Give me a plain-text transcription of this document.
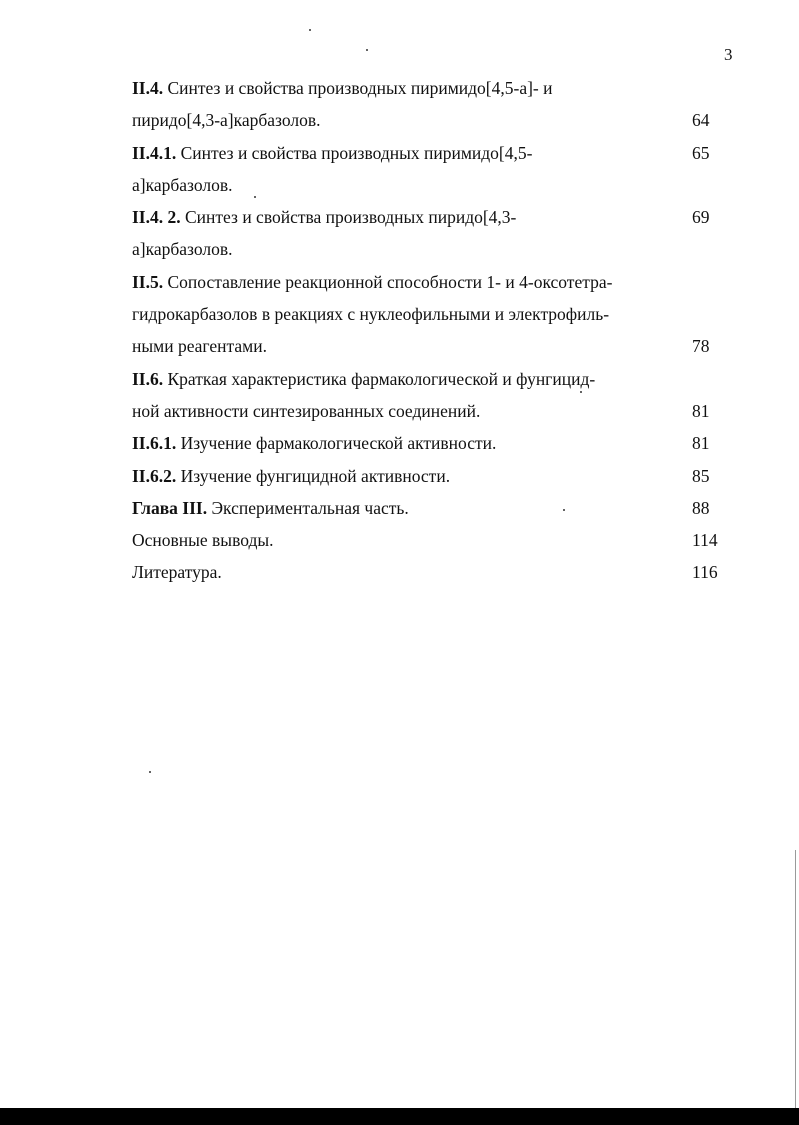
3
II.4. Синтез и свойства производных пиримидо[4,5-а]- и
пиридо[4,3-а]карбазолов.	64
II.4.1. Синтез и свойства производных пиримидо[4,5-	65
а]карбазолов.
II.4. 2. Синтез и свойства производных пиридо[4,3-	69
а]карбазолов.
II.5. Сопоставление реакционной способности 1- и 4-оксотетра-
гидрокарбазолов в реакциях с нуклеофильными и электрофиль-
ными реагентами.	78
II.6. Краткая характеристика фармакологической и фунгицид-
ной активности синтезированных соединений.	81
II.6.1. Изучение фармакологической активности.	81
II.6.2. Изучение фунгицидной активности.	85
Глава III. Экспериментальная часть.	88
Основные выводы.	114
Литература.	116
